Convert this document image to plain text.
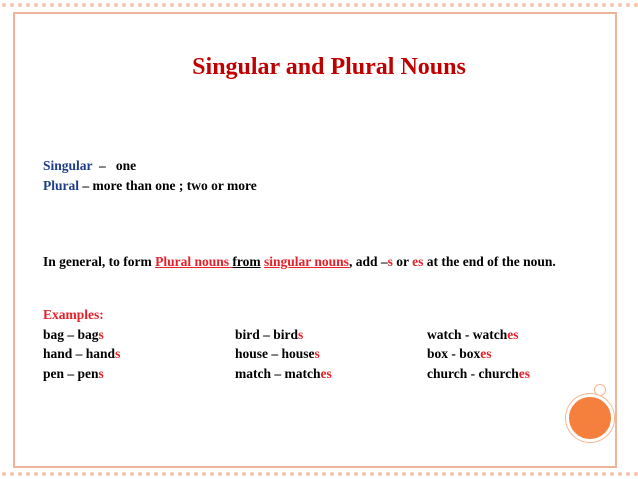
Singular and Plural Nouns
Singular  –   one
Plural – more than one ; two or more
In general, to form Plural nouns from singular nouns, add –s or es at the end of the noun.
Examples:
bag – bags	bird – birds	watch - watches
hand – hands	house – houses	box - boxes
pen – pens	match – matches	church - churches
